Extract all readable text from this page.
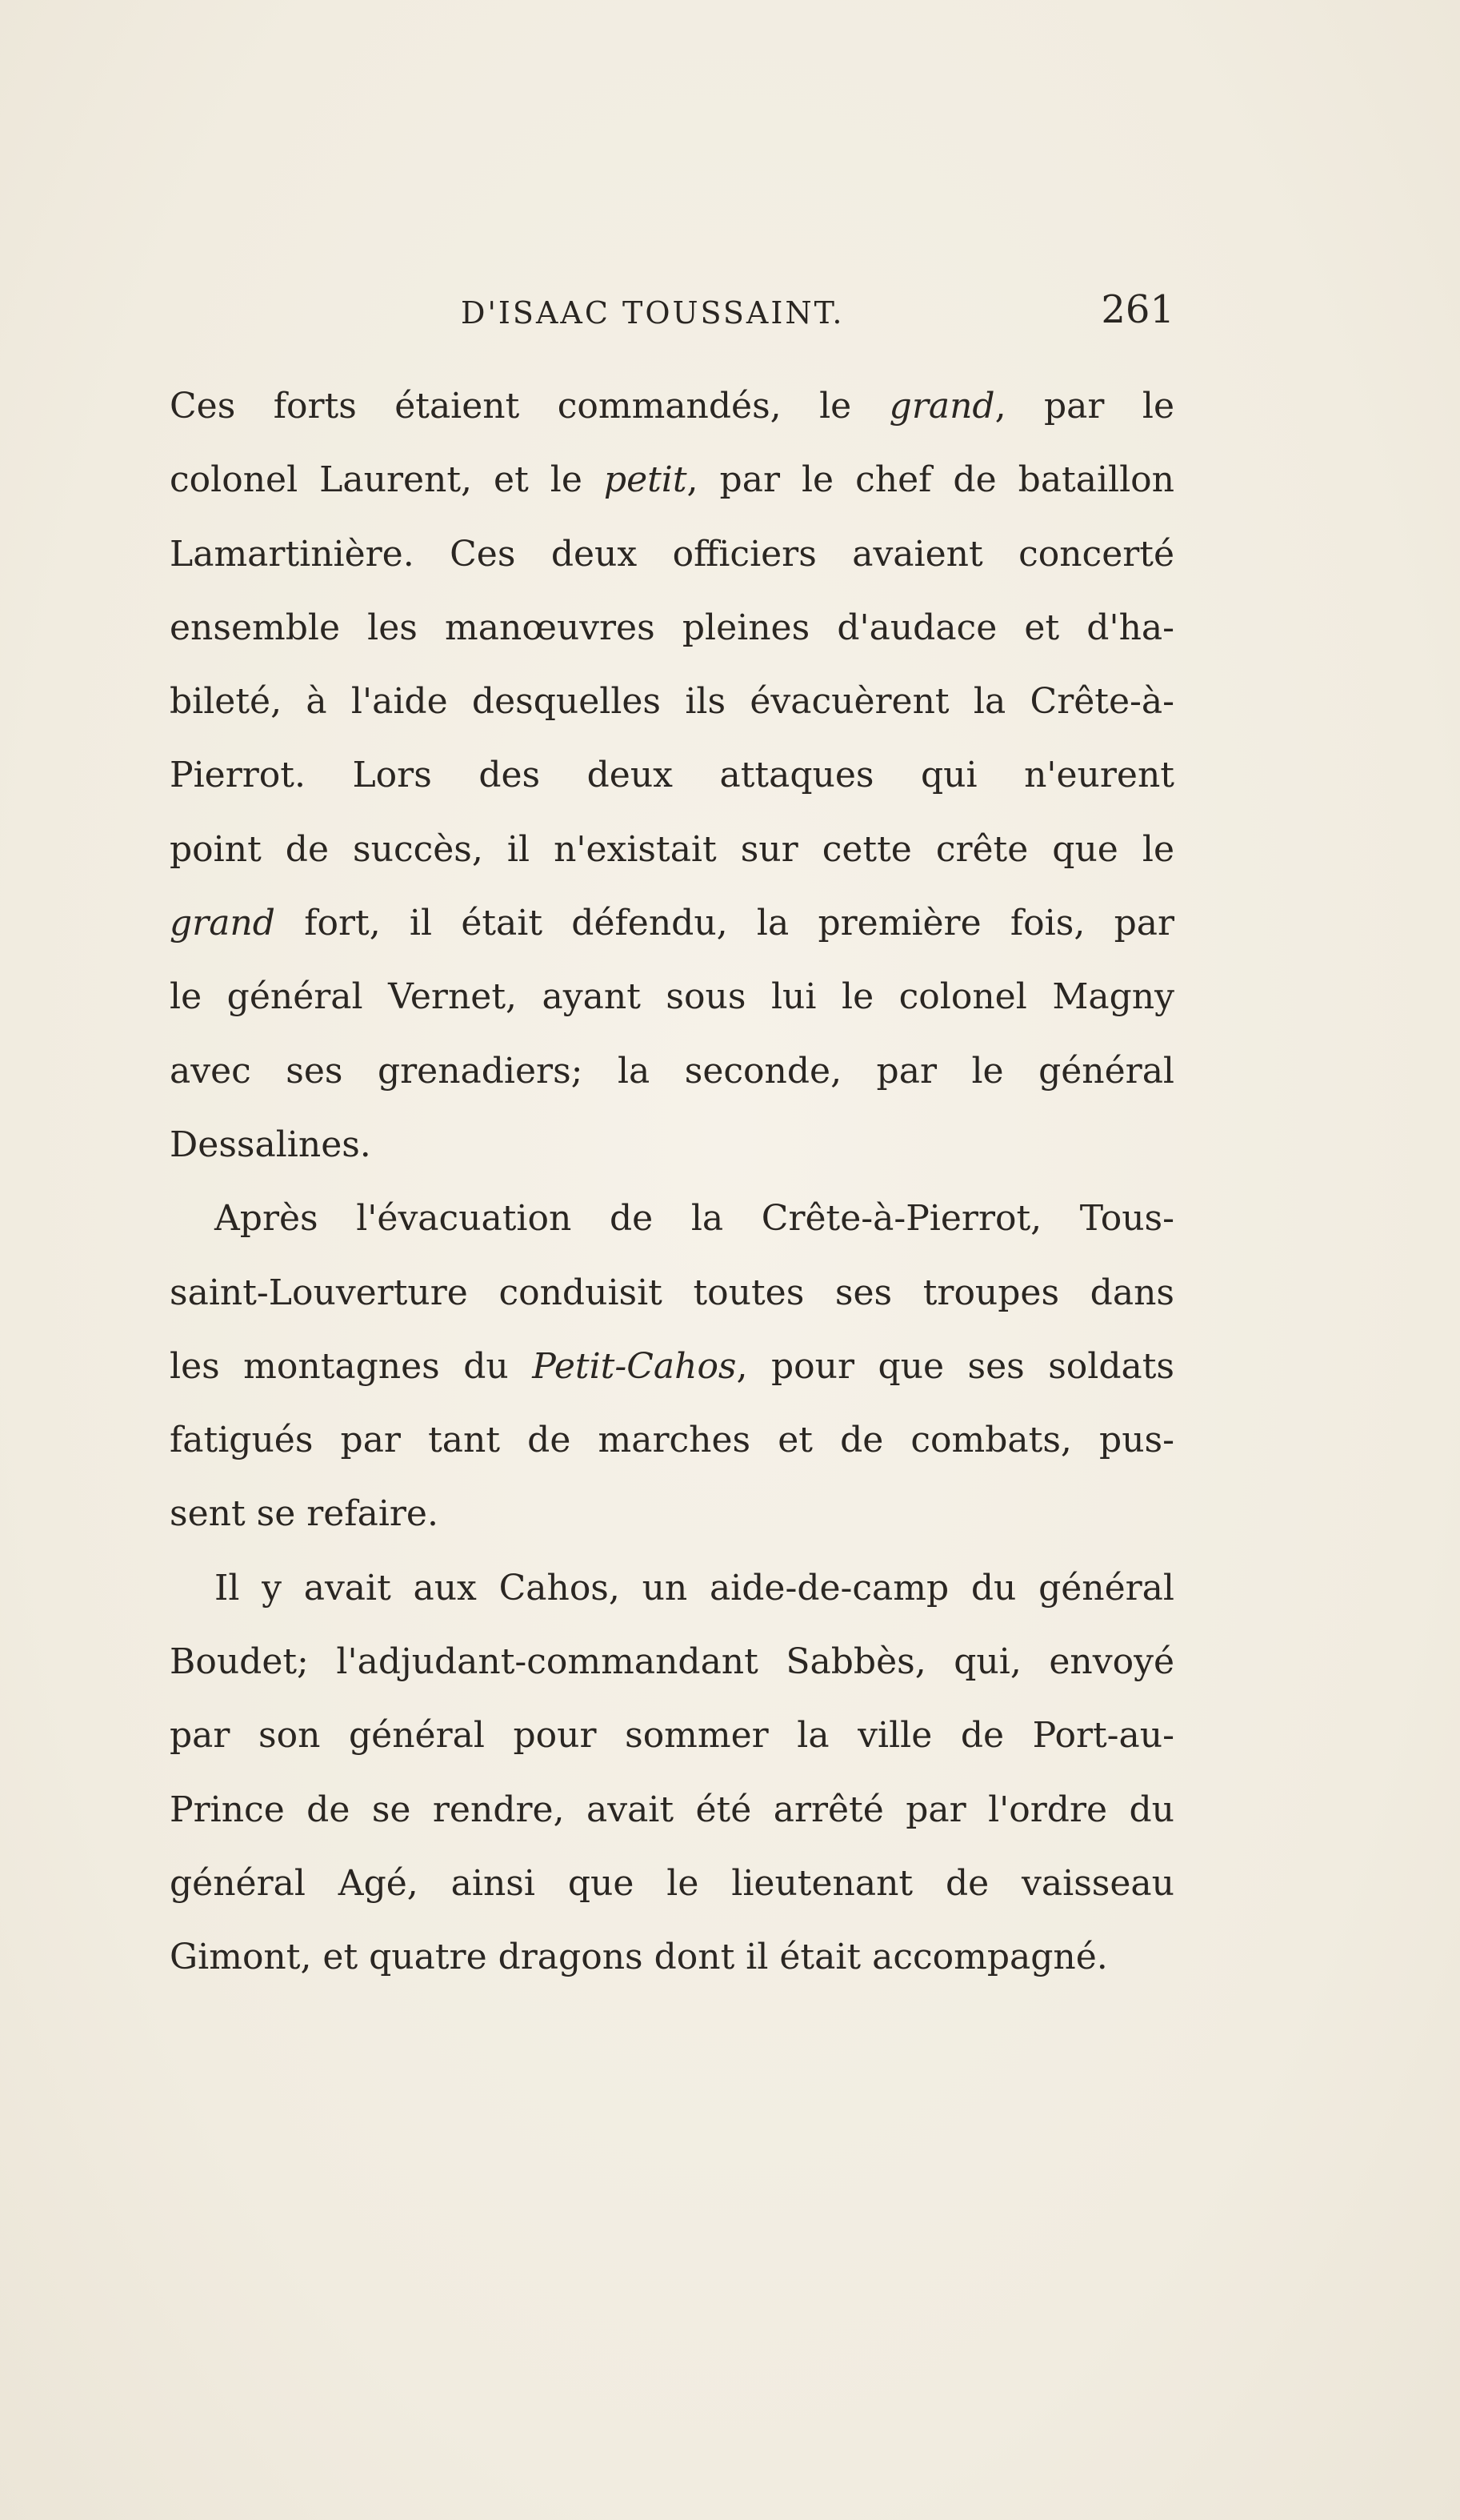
D'ISAAC TOUSSAINT.	261
Ces forts étaient commandés, le grand, par le
colonel Laurent, et le petit, par le chef de bataillon
Lamartinière. Ces deux officiers avaient concerté
ensemble les manœuvres pleines d'audace et d'ha-
bileté, à l'aide desquelles ils évacuèrent la Crête-à-
Pierrot. Lors des deux attaques qui n'eurent
point de succès, il n'existait sur cette crête que le
grand fort, il était défendu, la première fois, par
le général Vernet, ayant sous lui le colonel Magny
avec ses grenadiers; la seconde, par le général
Dessalines.
Après l'évacuation de la Crête-à-Pierrot, Tous-
saint-Louverture conduisit toutes ses troupes dans
les montagnes du Petit-Cahos, pour que ses soldats
fatigués par tant de marches et de combats, pus-
sent se refaire.
Il y avait aux Cahos, un aide-de-camp du général
Boudet; l'adjudant-commandant Sabbès, qui, envoyé
par son général pour sommer la ville de Port-au-
Prince de se rendre, avait été arrêté par l'ordre du
général Agé, ainsi que le lieutenant de vaisseau
Gimont, et quatre dragons dont il était accompagné.
